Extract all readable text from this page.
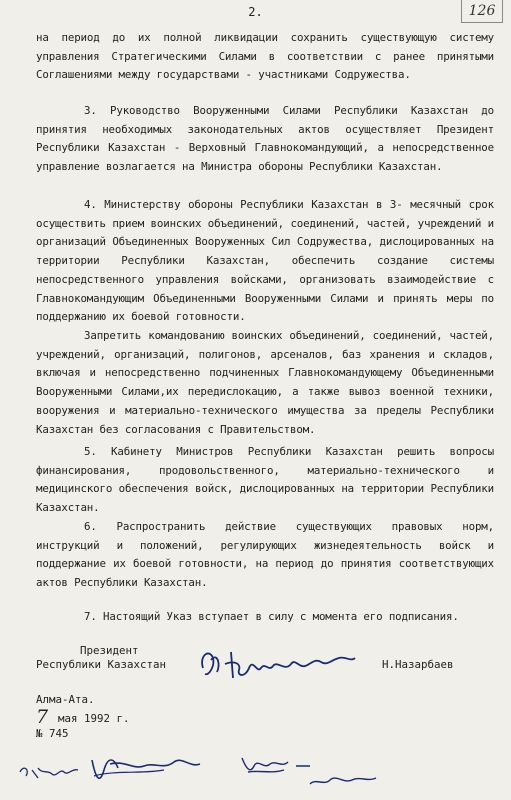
2.	126

на период до их полной ликвидации сохранить существующую систему управления Стратегическими Силами в соответствии с ранее принятыми Соглашениями между государствами - участниками Содружества.

3. Руководство Вооруженными Силами Республики Казахстан до принятия необходимых законодательных актов осуществляет Президент Республики Казахстан - Верховный Главнокомандующий, а непосредственное управление возлагается на Министра обороны Республики Казахстан.

4. Министерству обороны Республики Казахстан в 3- месячный срок осуществить прием воинских объединений, соединений, частей, учреждений и организаций Объединенных Вооруженных Сил Содружества, дислоцированных на территории Республики Казахстан, обеспечить создание системы непосредственного управления войсками, организовать взаимодействие с Главнокомандующим Объединенными Вооруженными Силами и принять меры по поддержанию их боевой готовности.

Запретить командованию воинских объединений, соединений, частей, учреждений, организаций, полигонов, арсеналов, баз хранения и складов, включая и непосредственно подчиненных Главнокомандующему Объединенными Вооруженными Силами,их передислокацию, а также вывоз военной техники, вооружения и материально-технического имущества за пределы Республики Казахстан без согласования с Правительством.

5. Кабинету Министров Республики Казахстан решить вопросы финансирования, продовольственного, материально-технического и медицинского обеспечения войск, дислоцированных на территории Республики Казахстан.

6. Распространить действие существующих правовых норм, инструкций и положений, регулирующих жизнедеятельность войск и поддержание их боевой готовности, на период до принятия соответствующих актов Республики Казахстан.

7. Настоящий Указ вступает в силу с момента его подписания.

Президент
Республики Казахстан	Н.Назарбаев
Алма-Ата.
7 мая 1992 г.
№ 745
